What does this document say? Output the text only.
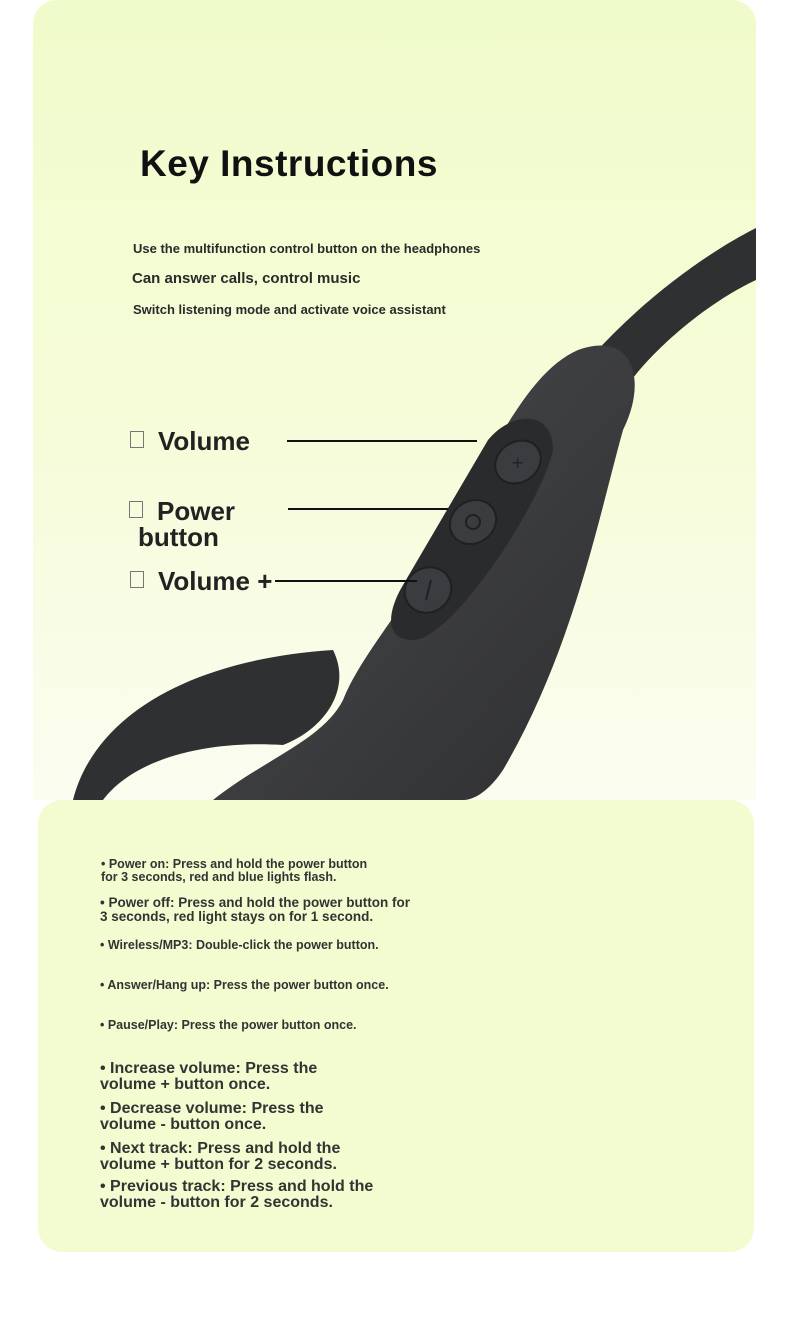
+
Key Instructions
Use the multifunction control button on the headphones
Can answer calls, control music
Switch listening mode and activate voice assistant
Volume
Power
button
Volume +
• Power on: Press and hold the power button
for 3 seconds, red and blue lights flash.
• Power off: Press and hold the power button for
3 seconds, red light stays on for 1 second.
• Wireless/MP3: Double-click the power button.
• Answer/Hang up: Press the power button once.
• Pause/Play: Press the power button once.
• Increase volume: Press the
volume + button once.
• Decrease volume: Press the
volume - button once.
• Next track: Press and hold the
volume + button for 2 seconds.
• Previous track: Press and hold the
volume - button for 2 seconds.
